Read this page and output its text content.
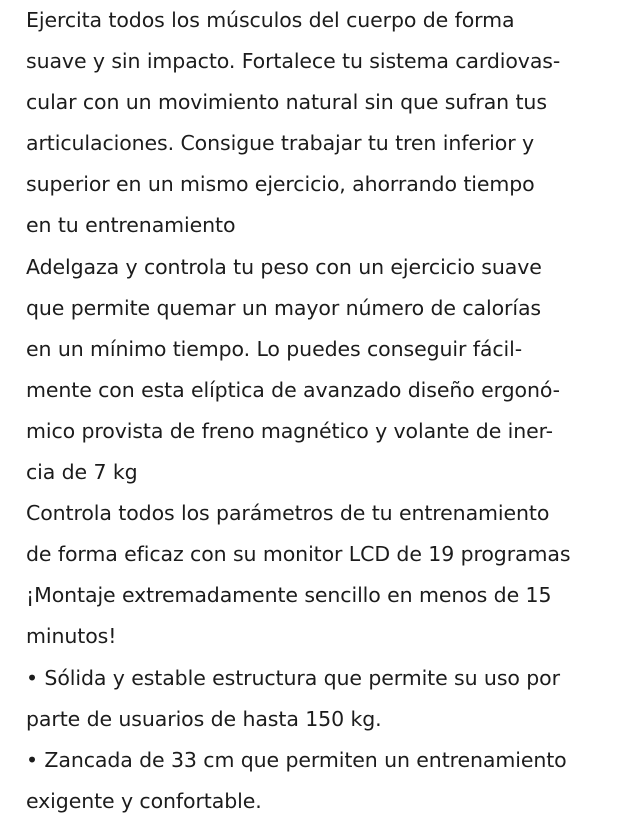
Ejercita todos los músculos del cuerpo de forma
suave y sin impacto. Fortalece tu sistema cardiovas-
cular con un movimiento natural sin que sufran tus
articulaciones. Consigue trabajar tu tren inferior y
superior en un mismo ejercicio, ahorrando tiempo
en tu entrenamiento
Adelgaza y controla tu peso con un ejercicio suave
que permite quemar un mayor número de calorías
en un mínimo tiempo. Lo puedes conseguir fácil-
mente con esta elíptica de avanzado diseño ergonó-
mico provista de freno magnético y volante de iner-
cia de 7 kg
Controla todos los parámetros de tu entrenamiento
de forma eficaz con su monitor LCD de 19 programas
¡Montaje extremadamente sencillo en menos de 15
minutos!
• Sólida y estable estructura que permite su uso por
parte de usuarios de hasta 150 kg.
• Zancada de 33 cm que permiten un entrenamiento
exigente y confortable.
